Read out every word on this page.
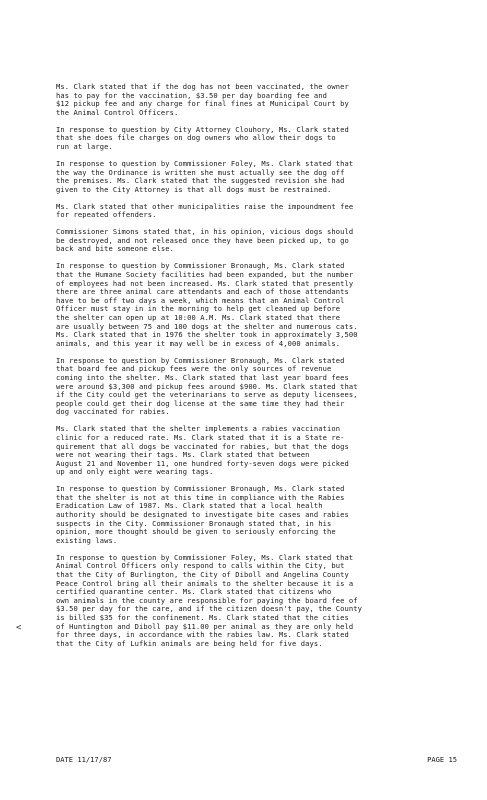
Ms. Clark stated that if the dog has not been vaccinated, the owner
has to pay for the vaccination, $3.50 per day boarding fee and
$12 pickup fee and any charge for final fines at Municipal Court by
the Animal Control Officers.

In response to question by City Attorney Clouhory, Ms. Clark stated
that she does file charges on dog owners who allow their dogs to
run at large.

In response to question by Commissioner Foley, Ms. Clark stated that
the way the Ordinance is written she must actually see the dog off
the premises. Ms. Clark stated that the suggested revision she had
given to the City Attorney is that all dogs must be restrained.

Ms. Clark stated that other municipalities raise the impoundment fee
for repeated offenders.

Commissioner Simons stated that, in his opinion, vicious dogs should
be destroyed, and not released once they have been picked up, to go
back and bite someone else.

In response to question by Commissioner Bronaugh, Ms. Clark stated
that the Humane Society facilities had been expanded, but the number
of employees had not been increased. Ms. Clark stated that presently
there are three animal care attendants and each of those attendants
have to be off two days a week, which means that an Animal Control
Officer must stay in in the morning to help get cleaned up before
the shelter can open up at 10:00 A.M. Ms. Clark stated that there
are usually between 75 and 100 dogs at the shelter and numerous cats.
Ms. Clark stated that in 1976 the shelter took in approximately 3,500
animals, and this year it may well be in excess of 4,000 animals.

In response to question by Commissioner Bronaugh, Ms. Clark stated
that board fee and pickup fees were the only sources of revenue
coming into the shelter. Ms. Clark stated that last year board fees
were around $3,300 and pickup fees around $900. Ms. Clark stated that
if the City could get the veterinarians to serve as deputy licensees,
people could get their dog license at the same time they had their
dog vaccinated for rabies.

Ms. Clark stated that the shelter implements a rabies vaccination
clinic for a reduced rate. Ms. Clark stated that it is a State re-
quirement that all dogs be vaccinated for rabies, but that the dogs
were not wearing their tags. Ms. Clark stated that between
August 21 and November 11, one hundred forty-seven dogs were picked
up and only eight were wearing tags.

In response to question by Commissioner Bronaugh, Ms. Clark stated
that the shelter is not at this time in compliance with the Rabies
Eradication Law of 1987. Ms. Clark stated that a local health
authority should be designated to investigate bite cases and rabies
suspects in the City. Commissioner Bronaugh stated that, in his
opinion, more thought should be given to seriously enforcing the
existing laws.

In response to question by Commissioner Foley, Ms. Clark stated that
Animal Control Officers only respond to calls within the City, but
that the City of Burlington, the City of Diboll and Angelina County
Peace Control bring all their animals to the shelter because it is a
certified quarantine center. Ms. Clark stated that citizens who
own animals in the county are responsible for paying the board fee of
$3.50 per day for the care, and if the citizen doesn't pay, the County
is billed $35 for the confinement. Ms. Clark stated that the cities
of Huntington and Diboll pay $11.00 per animal as they are only held
for three days, in accordance with the rabies law. Ms. Clark stated
that the City of Lufkin animals are being held for five days.

<
DATE 11/17/87	PAGE 15
